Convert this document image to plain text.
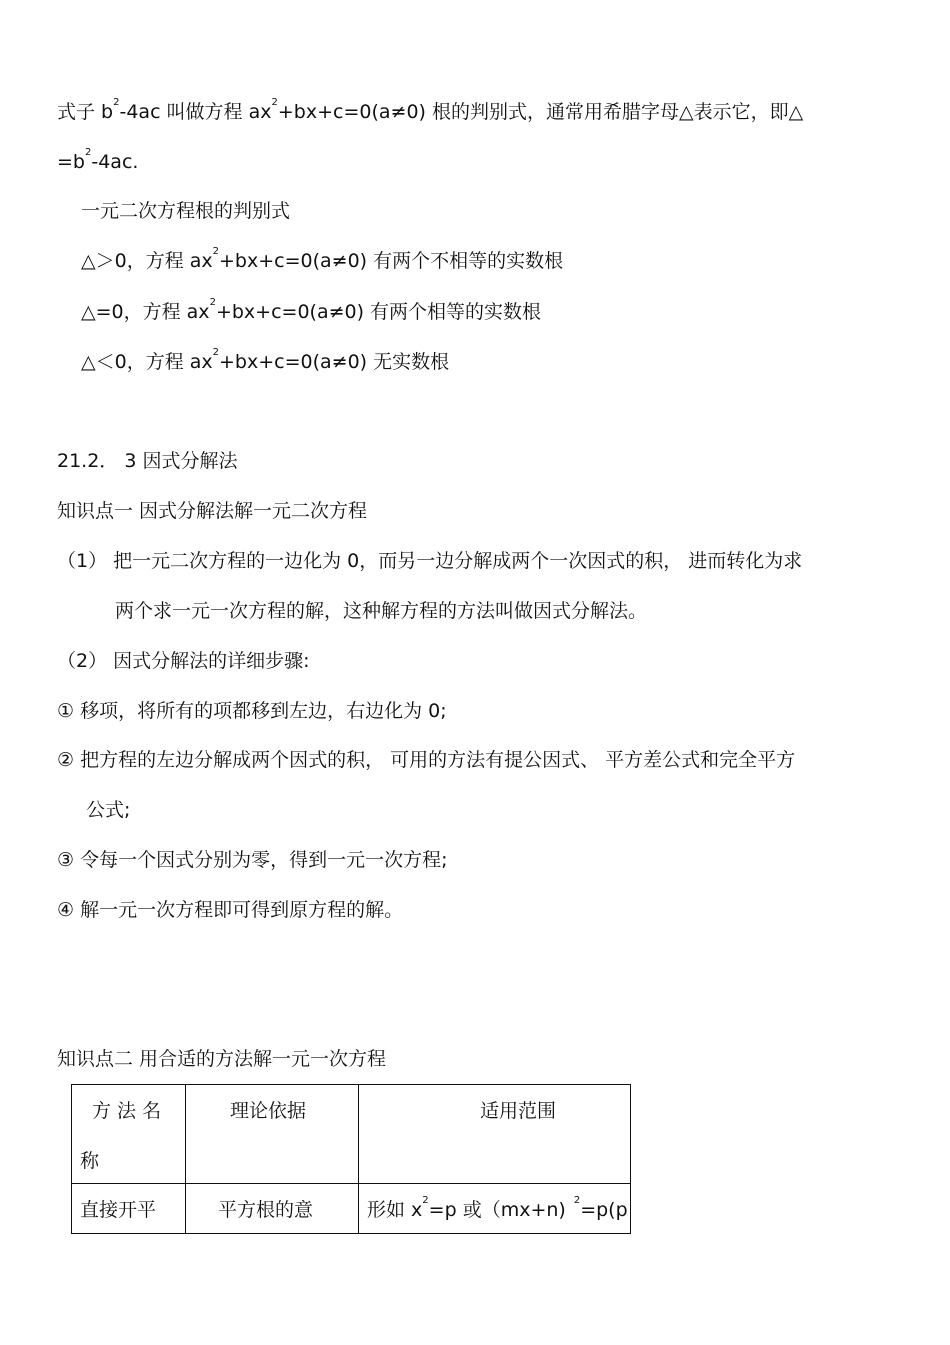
式子 $b^2-4ac$ 叫做方程 $ax^2+bx+c=0(a\ne 0)$ 根的判别式，通常用希腊字母△表示它，即△
$=b^2-4ac$.
一元二次方程根的判别式
△＞0，方程 $ax^2+bx+c=0(a\ne 0)$ 有两个不相等的实数根
△=0，方程 $ax^2+bx+c=0(a\ne 0)$ 有两个相等的实数根
△＜0，方程 $ax^2+bx+c=0(a\ne 0)$ 无实数根
21.2． 3 因式分解法
知识点一 因式分解法解一元二次方程
（1） 把一元二次方程的一边化为 0，而另一边分解成两个一次因式的积， 进而转化为求
两个求一元一次方程的解，这种解方程的方法叫做因式分解法。
（2） 因式分解法的详细步骤:
① 移项，将所有的项都移到左边，右边化为 0;
② 把方程的左边分解成两个因式的积， 可用的方法有提公因式、 平方差公式和完全平方
公式;
③ 令每一个因式分别为零，得到一元一次方程;
④ 解一元一次方程即可得到原方程的解。
知识点二 用合适的方法解一元一次方程
方 法 名
称	理论依据	适用范围

直接开平	平方根的意	形如 $x^2=p$ 或（mx+n) $^2$=p(p
